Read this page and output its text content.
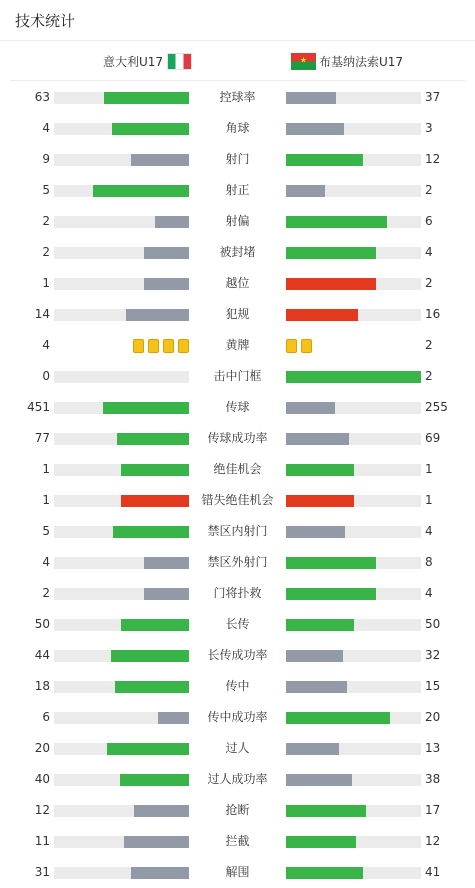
技术统计
意大利U17	★ 布基纳法索U17
63	控球率	37
4	角球	3
9	射门	12
5	射正	2
2	射偏	6
2	被封堵	4
1	越位	2
14	犯规	16
4	黄牌	2
0	击中门框	2
451	传球	255
77	传球成功率	69
1	绝佳机会	1
1	错失绝佳机会	1
5	禁区内射门	4
4	禁区外射门	8
2	门将扑救	4
50	长传	50
44	长传成功率	32
18	传中	15
6	传中成功率	20
20	过人	13
40	过人成功率	38
12	抢断	17
11	拦截	12
31	解围	41
